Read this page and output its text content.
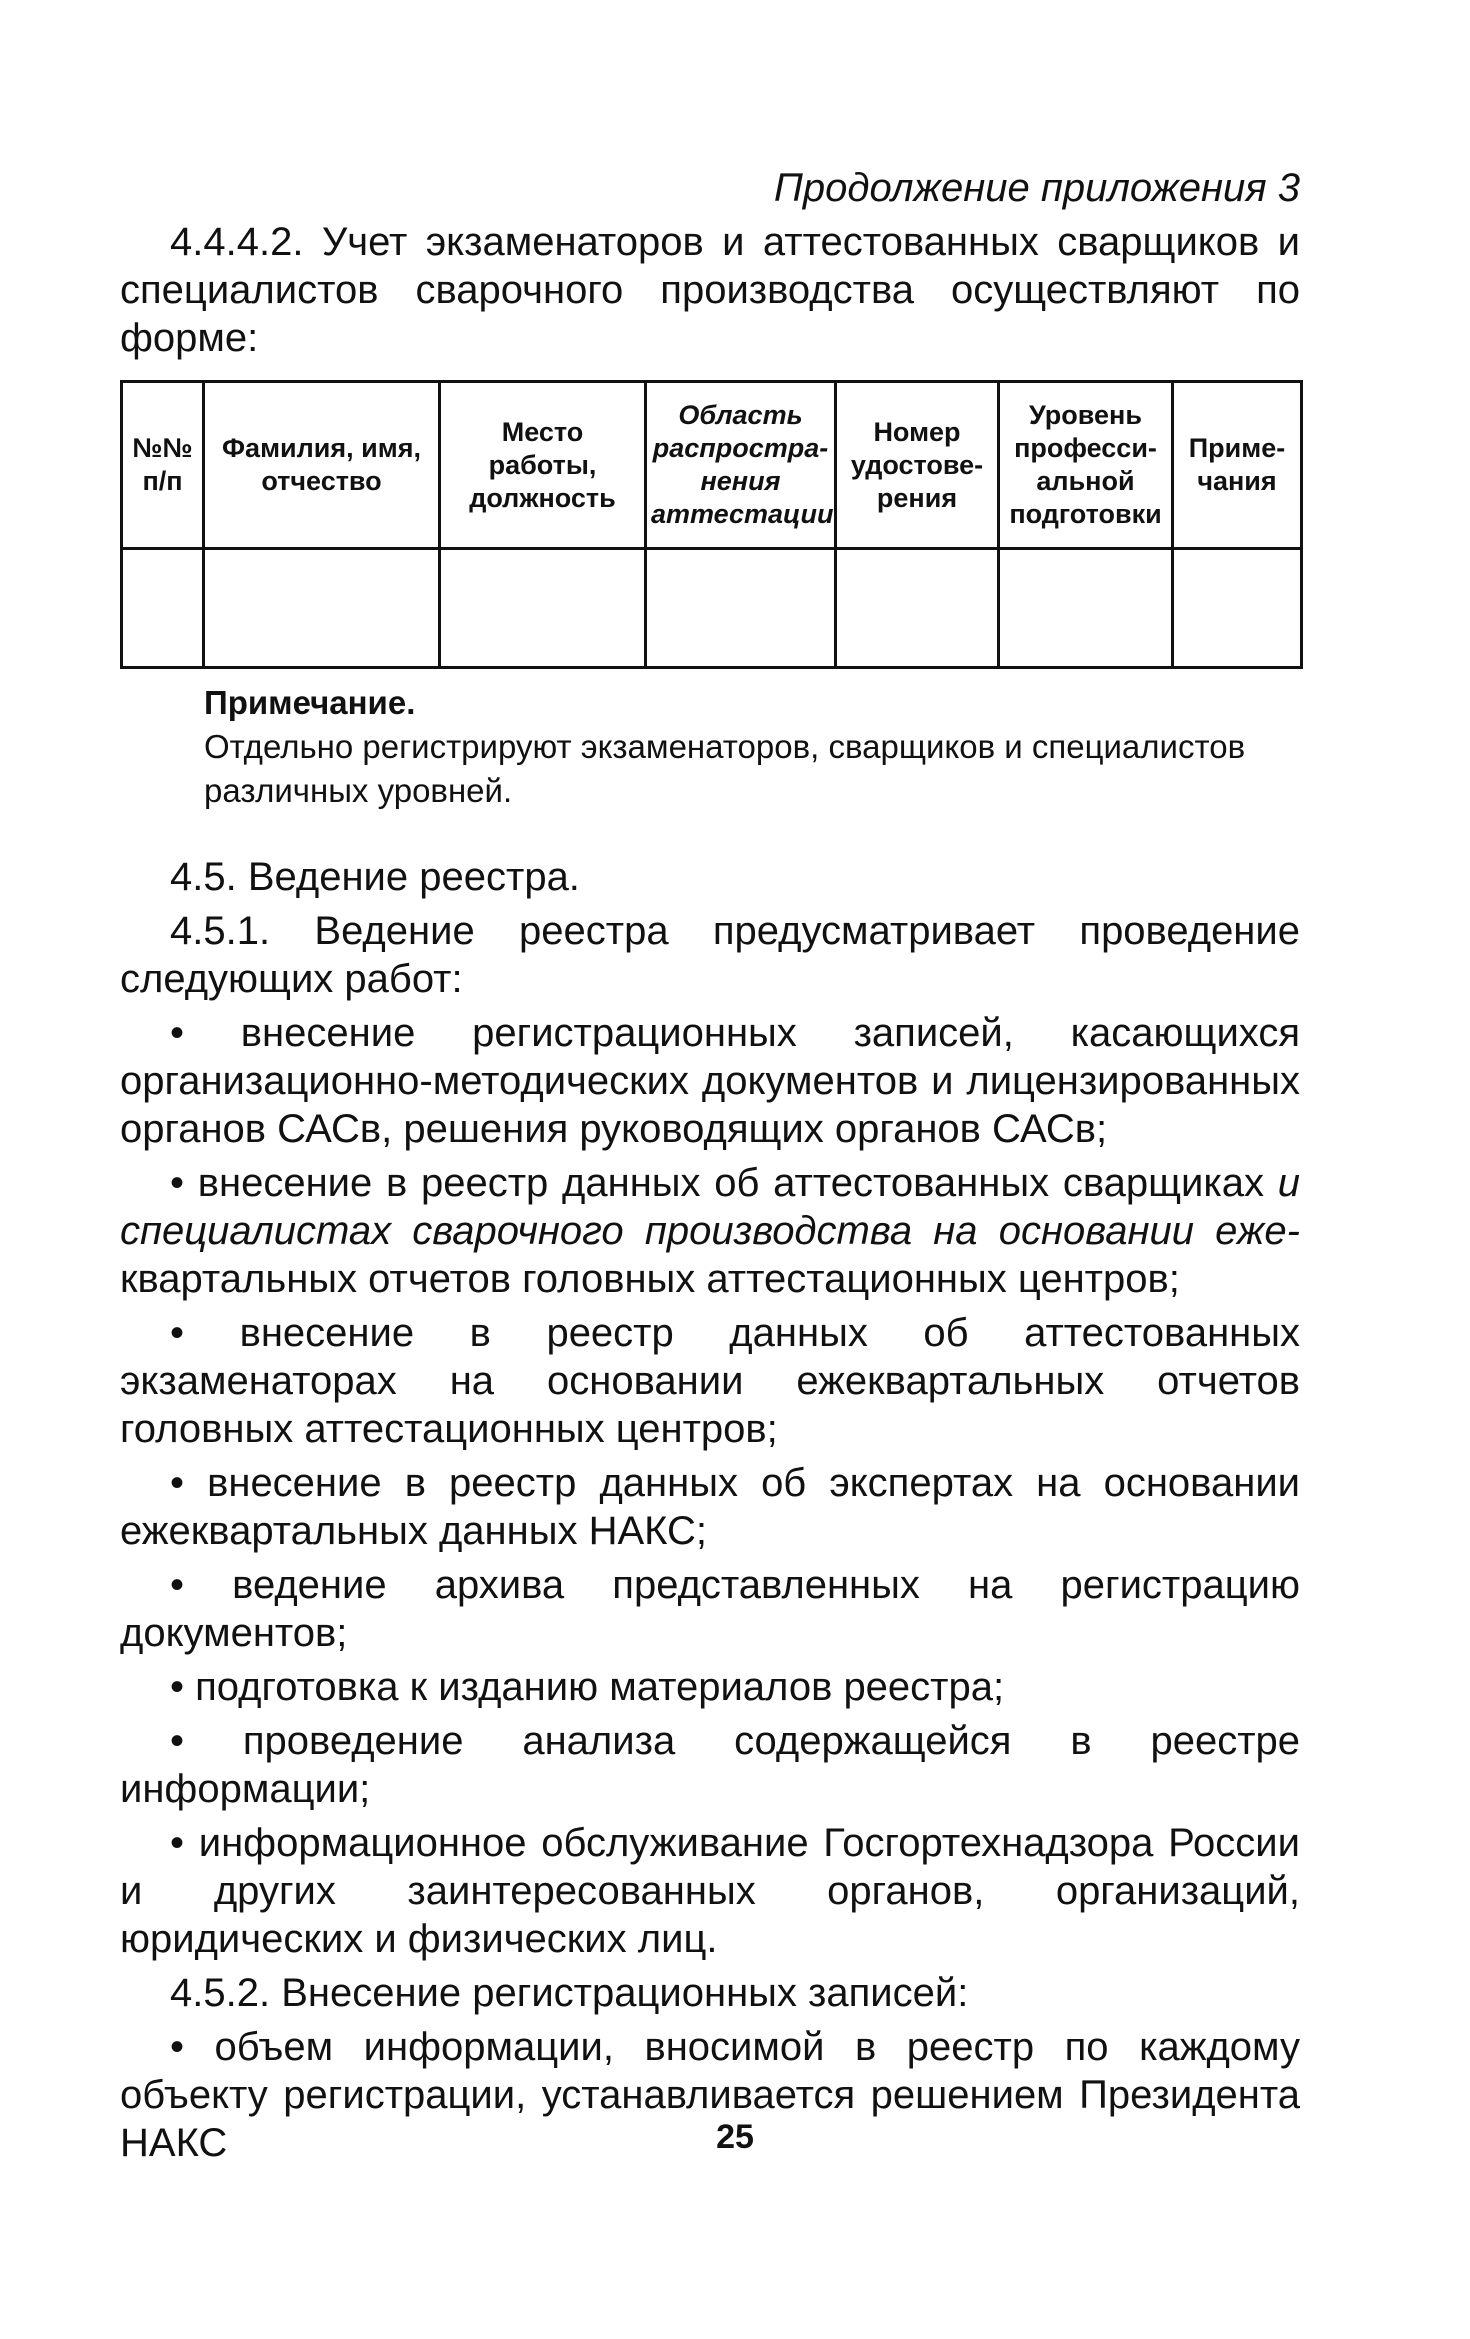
Продолжение приложения 3

4.4.4.2. Учет экзаменаторов и аттестованных сварщиков и специалистов сварочного производства осуществляют по форме:

№№ п/п	Фамилия, имя, отчество	Место работы, должность	Область распростра- нения аттестации	Номер удостове- рения	Уровень професси- альной подготовки	Приме- чания

Примечание.
Отдельно регистрируют экзаменаторов, сварщиков и специалистов различных уровней.

4.5. Ведение реестра.

4.5.1. Ведение реестра предусматривает проведение следующих работ:

• внесение регистрационных записей, касающихся организационно-методических документов и лицензированных органов САСв, решения руководящих органов САСв;

• внесение в реестр данных об аттестованных сварщиках и специалистах сварочного производства на основании еже- квартальных отчетов головных аттестационных центров;

• внесение в реестр данных об аттестованных экзаменаторах на основании ежеквартальных отчетов головных аттестационных центров;

• внесение в реестр данных об экспертах на основании ежеквартальных данных НАКС;

• ведение архива представленных на регистрацию документов;

• подготовка к изданию материалов реестра;

• проведение анализа содержащейся в реестре информации;

• информационное обслуживание Госгортехнадзора России и других заинтересованных органов, организаций, юридических и физических лиц.

4.5.2. Внесение регистрационных записей:

• объем информации, вносимой в реестр по каждому объекту регистрации, устанавливается решением Президента НАКС	25
